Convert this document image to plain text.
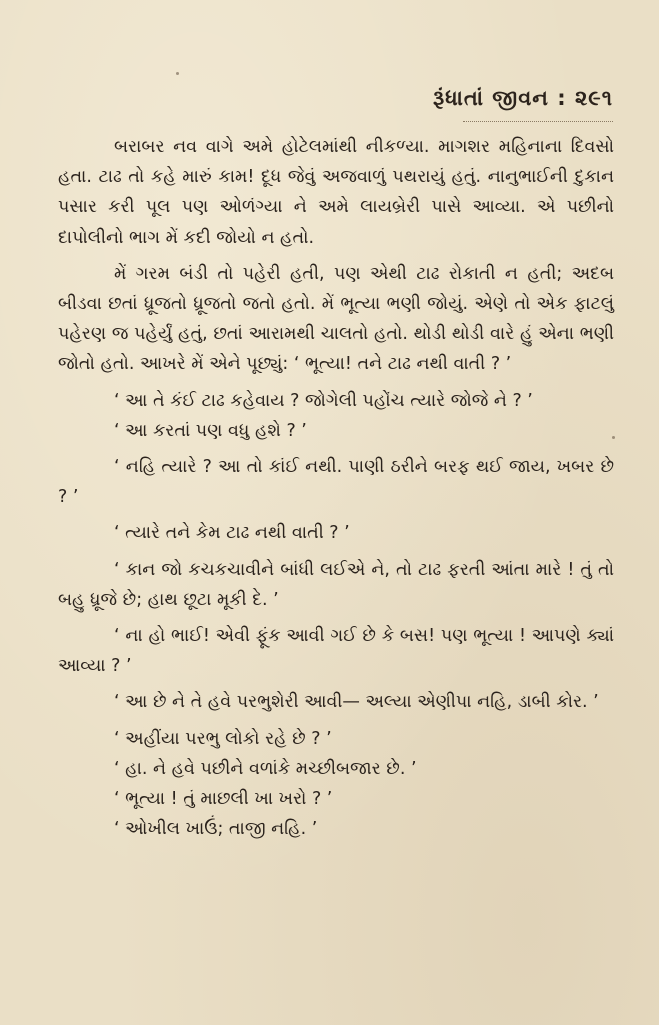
રૂંધાતાં જીવન : ૨૯૧

બરાબર નવ વાગે અમે હોટેલમાંથી નીકળ્યા. માગશર મહિનાના દિવસો હતા. ટાઢ તો કહે મારું કામ! દૂધ જેવું અજવાળું પથરાયું હતું. નાનુભાઈની દુકાન પસાર કરી પૂલ પણ ઓળંગ્યા ને અમે લાયબ્રેરી પાસે આવ્યા. એ પછીનો દાપોલીનો ભાગ મેં કદી જોયો ન હતો.

મેં ગરમ બંડી તો પહેરી હતી, પણ એથી ટાઢ રોકાતી ન હતી; અદબ બીડવા છતાં ધ્રૂજતો ધ્રૂજતો જતો હતો. મેં ભૂત્યા ભણી જોયું. એણે તો એક ફાટલું પહેરણ જ પહેર્યું હતું, છતાં આરામથી ચાલતો હતો. થોડી થોડી વારે હું એના ભણી જોતો હતો. આખરે મેં એને પૂછ્યું: ‘ ભૂત્યા! તને ટાઢ નથી વાતી ? ’

‘ આ તે કંઈ ટાઢ કહેવાય ? જોગેલી પહોંચ ત્યારે જોજે ને ? ’

‘ આ કરતાં પણ વધુ હશે ? ’

‘ નહિ ત્યારે ? આ તો કાંઈ નથી. પાણી ઠરીને બરફ થઈ જાય, ખબર છે ? ’

‘ ત્યારે તને કેમ ટાઢ નથી વાતી ? ’

‘ કાન જો કચકચાવીને બાંધી લઈએ ને, તો ટાઢ ફરતી આંતા મારે ! તું તો બહુ ધ્રૂજે છે; હાથ છૂટા મૂકી દે. ’

‘ ના હો ભાઈ! એવી ફૂંક આવી ગઈ છે કે બસ! પણ ભૂત્યા ! આપણે ક્યાં આવ્યા ? ’

‘ આ છે ને તે હવે પરભુશેરી આવી— અલ્યા એણીપા નહિ, ડાબી કોર. ’

‘ અહીંયા પરભુ લોકો રહે છે ? ’

‘ હા. ને હવે પછીને વળાંકે મચ્છીબજાર છે. ’

‘ ભૂત્યા ! તું માછલી ખા ખરો ? ’

‘ ઓખીલ ખાઉં; તાજી નહિ. ’
